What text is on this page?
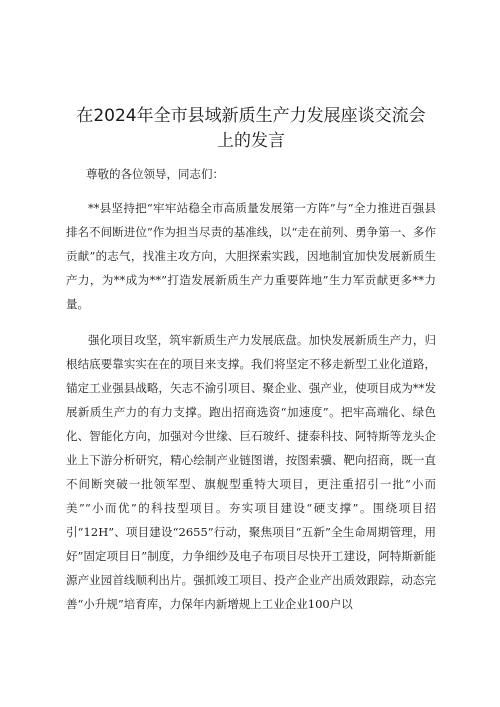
在2024年全市县域新质生产力发展座谈交流会
上的发言

尊敬的各位领导，同志们：

**县坚持把“牢牢站稳全市高质量发展第一方阵”与“全力推进百强县排名不间断进位”作为担当尽责的基准线，以“走在前列、勇争第一、多作贡献”的志气，找准主攻方向，大胆探索实践，因地制宜加快发展新质生产力，为**成为**”打造发展新质生产力重要阵地”生力军贡献更多**力量。

强化项目攻坚，筑牢新质生产力发展底盘。加快发展新质生产力，归根结底要靠实实在在的项目来支撑。我们将坚定不移走新型工业化道路，锚定工业强县战略，矢志不渝引项目、聚企业、强产业，使项目成为**发展新质生产力的有力支撑。跑出招商选资“加速度”。把牢高端化、绿色化、智能化方向，加强对今世缘、巨石玻纤、捷泰科技、阿特斯等龙头企业上下游分析研究，精心绘制产业链图谱，按图索骥、靶向招商，既一直不间断突破一批领军型、旗舰型重特大项目，更注重招引一批“小而美”“小而优”的科技型项目。夯实项目建设“硬支撑”。围绕项目招引“12H”、项目建设“2655”行动，聚焦项目“五新”全生命周期管理，用好”固定项目日”制度，力争细纱及电子布项目尽快开工建设，阿特斯新能源产业园首线顺利出片。强抓竣工项目、投产企业产出质效跟踪，动态完善“小升规”培育库，力保年内新增规上工业企业100户以
